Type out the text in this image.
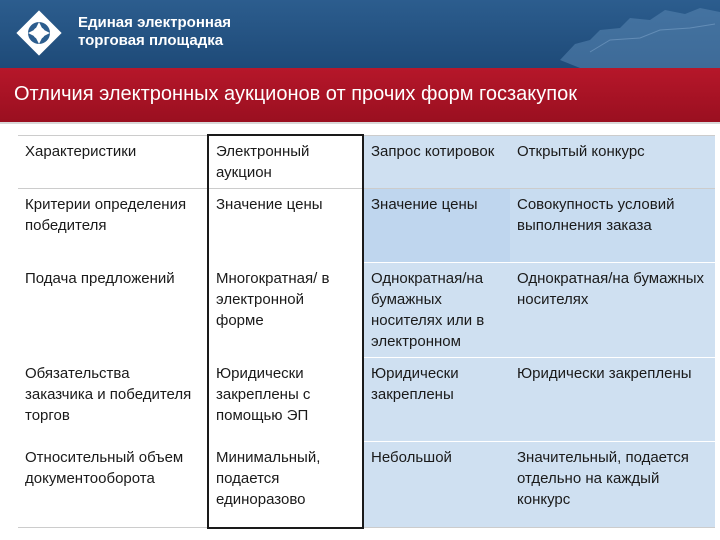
Единая электронная
торговая площадка
Отличия электронных аукционов от прочих форм госзакупок
Характеристики	Электронный аукцион	Запрос котировок	Открытый конкурс
Критерии определения победителя	Значение цены	Значение цены	Совокупность условий выполнения заказа
Подача предложений	Многократная/ в электронной форме	Однократная/на бумажных носителях или в электронном	Однократная/на бумажных носителях
Обязательства заказчика и победителя торгов	Юридически закреплены с помощью ЭП	Юридически закреплены	Юридически закреплены
Относительный объем документооборота	Минимальный, подается единоразово	Небольшой	Значительный, подается отдельно на каждый конкурс
